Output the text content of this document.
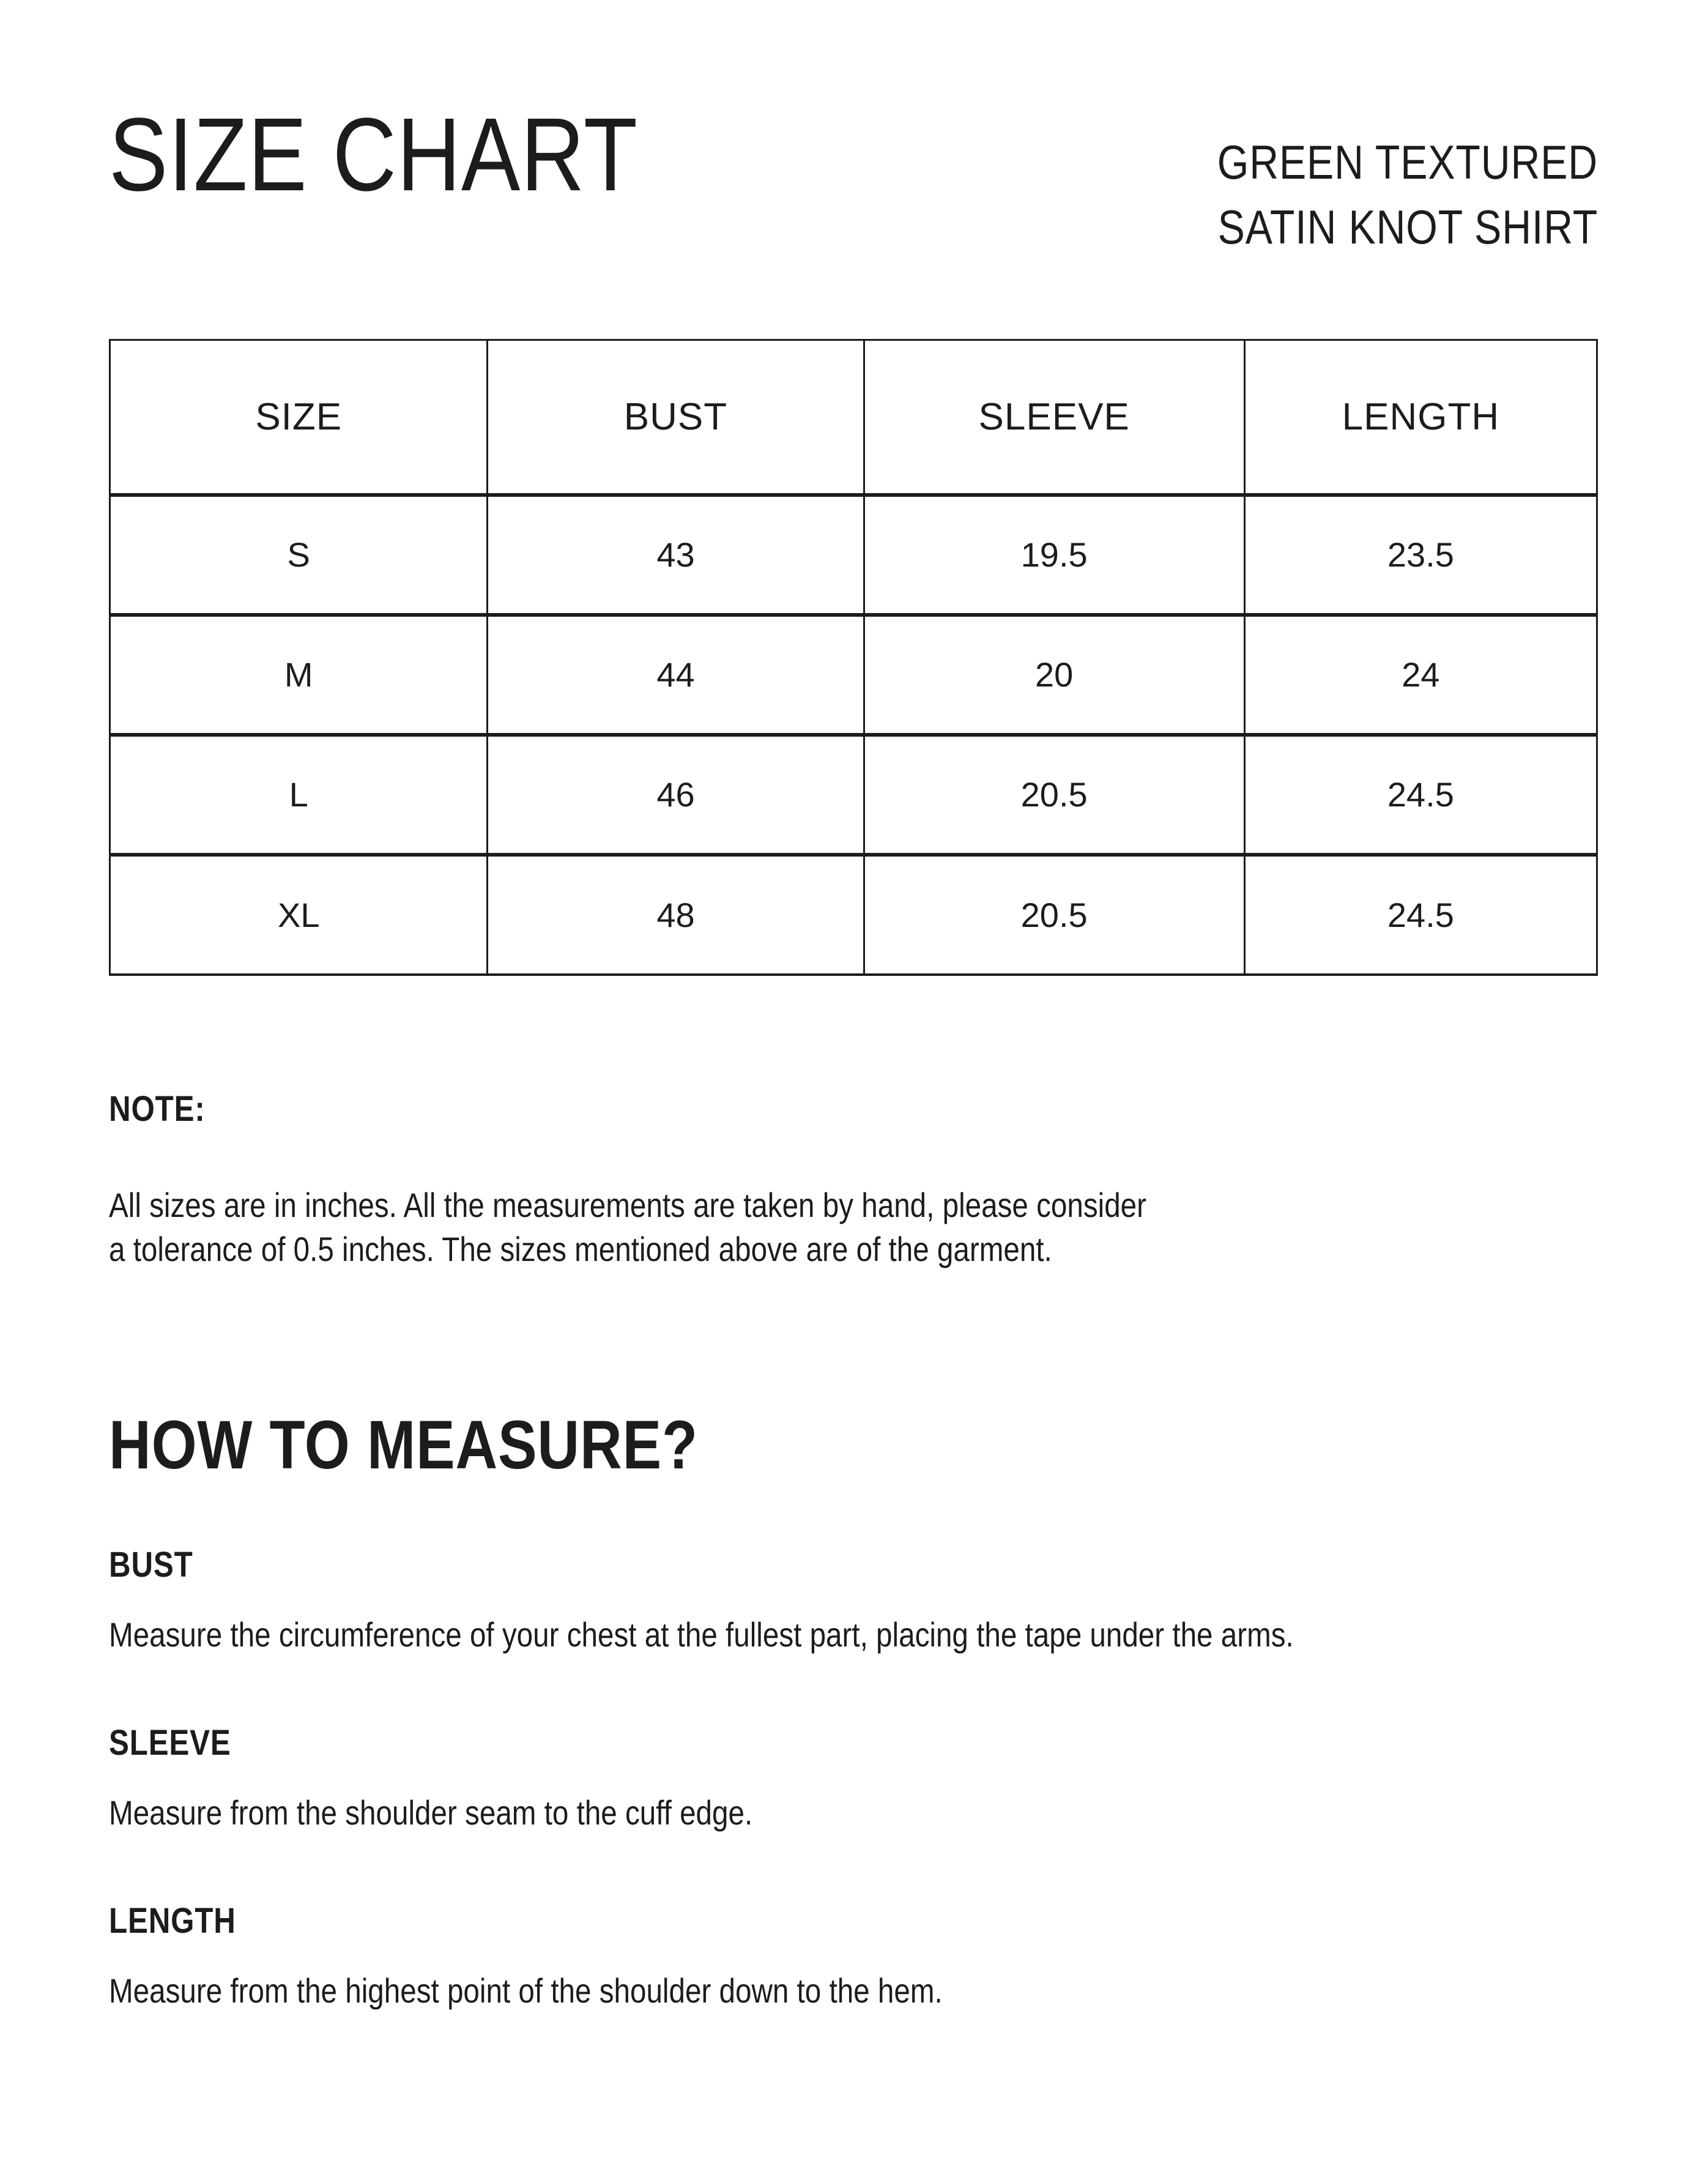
SIZE CHART	GREEN TEXTURED
SATIN KNOT SHIRT
SIZE	BUST	SLEEVE	LENGTH
S	43	19.5	23.5
M	44	20	24
L	46	20.5	24.5
XL	48	20.5	24.5
NOTE:
All sizes are in inches. All the measurements are taken by hand, please consider
a tolerance of 0.5 inches. The sizes mentioned above are of the garment.
HOW TO MEASURE?
BUST
Measure the circumference of your chest at the fullest part, placing the tape under the arms.
SLEEVE
Measure from the shoulder seam to the cuff edge.
LENGTH
Measure from the highest point of the shoulder down to the hem.
